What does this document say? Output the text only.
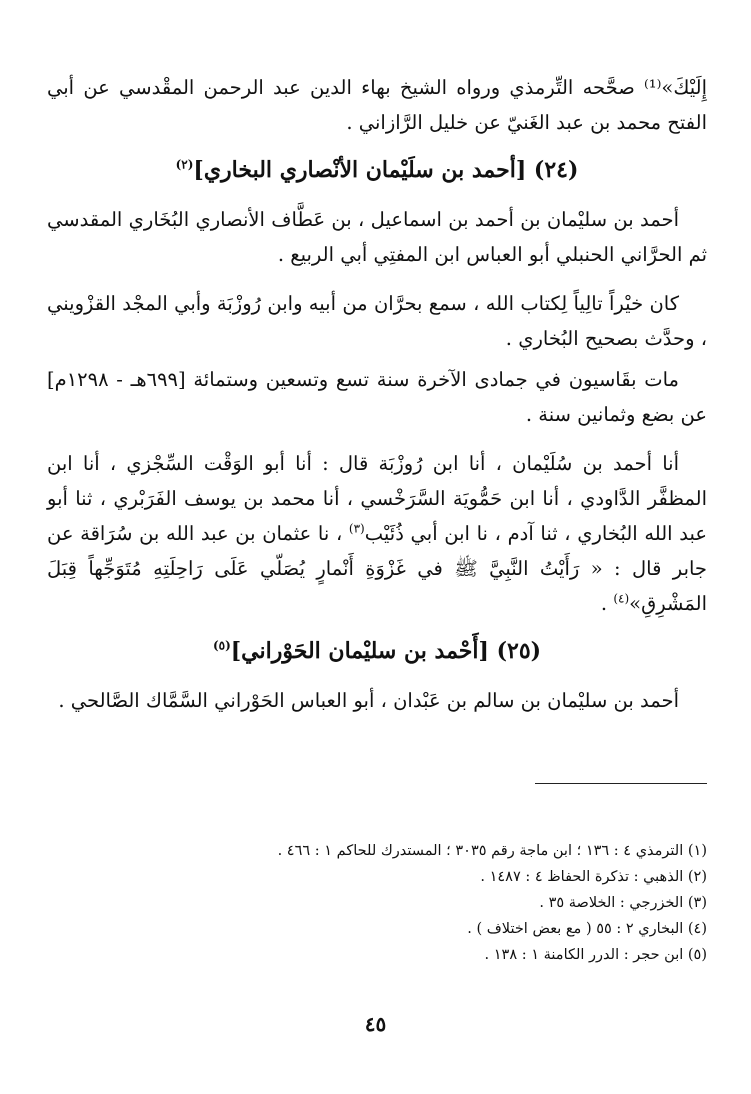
إِلَيْكَ»⁽¹⁾ صحَّحه التِّرمذي ورواه الشيخ بهاء الدين عبد الرحمن المقْدسي عن أبي الفتح محمد بن عبد الغَنيّ عن خليل الرَّازاني .

(٢٤) [أحمد بن سلَيْمان الأنْصاري البخاري]$^{(٢)}$

أحمد بن سليْمان بن أحمد بن اسماعيل ، بن عَطَّاف الأنصاري البُخَاري المقدسي ثم الحرَّاني الحنبلي أبو العباس ابن المفتِي أبي الربيع .

كان خيْراً تالِياً لِكتاب الله ، سمع بحرَّان من أبيه وابن رُوزْبَة وأبي المجْد القزْويني ، وحدَّث بصحيح البُخاري .

مات بقَاسيون في جمادى الآخرة سنة تسع وتسعين وستمائة [٦٩٩هـ - ١٢٩٨م] عن بضع وثمانين سنة .

أنا أحمد بن سُلَيْمان ، أنا ابن رُوزْبَة قال : أنا أبو الوَقْت السِّجْزي ، أنا ابن المظفَّر الدَّاودي ، أنا ابن حَمُّويَة السَّرَخْسي ، أنا محمد بن يوسف الفَرَبْري ، ثنا أبو عبد الله البُخاري ، ثنا آدم ، نا ابن أبي ذُئَيْب$^{(٣)}$ ، نا عثمان بن عبد الله بن سُرَاقة عن جابر قال : « رَأَيْتُ النَّبِيَّ ﷺ في غَزْوَةِ أَنْمارٍ يُصَلّي عَلَى رَاحِلَتِهِ مُتَوَجِّهاً قِبَلَ المَشْرِقِ»$^{(٤)}$ .

(٢٥) [أَحْمد بن سليْمان الحَوْراني]$^{(٥)}$

أحمد بن سليْمان بن سالم بن عَبْدان ، أبو العباس الحَوْراني السَّمَّاك الصَّالحي .

(١) الترمذي ٤ : ١٣٦ ؛ ابن ماجة رقم ٣٠٣٥ ؛ المستدرك للحاكم ١ : ٤٦٦ .

(٢) الذهبي : تذكرة الحفاظ ٤ : ١٤٨٧ .

(٣) الخزرجي : الخلاصة ٣٥ .

(٤) البخاري ٢ : ٥٥ ( مع بعض اختلاف ) .

(٥) ابن حجر : الدرر الكامنة ١ : ١٣٨ .

٤٥
